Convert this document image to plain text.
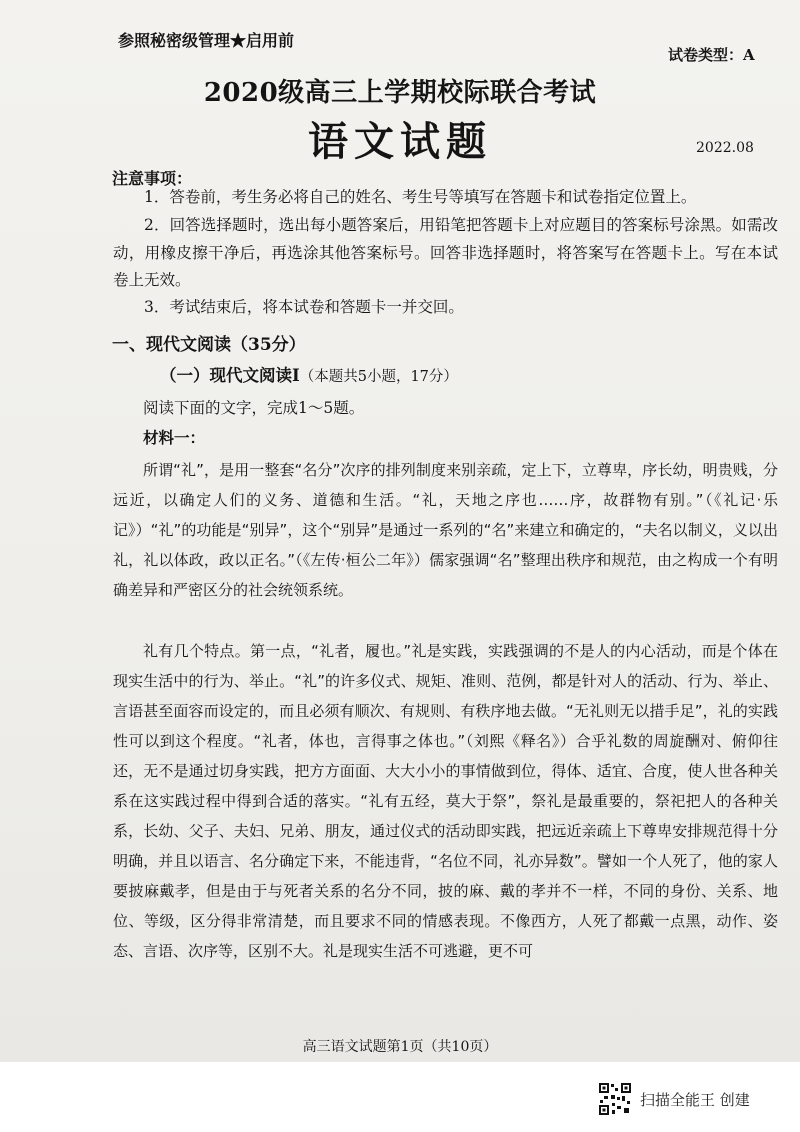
参照秘密级管理★启用前
试卷类型：A
2020级高三上学期校际联合考试
语文试题	2022.08
注意事项：
1．答卷前，考生务必将自己的姓名、考生号等填写在答题卡和试卷指定位置上。
2．回答选择题时，选出每小题答案后，用铅笔把答题卡上对应题目的答案标号涂黑。如需改动，用橡皮擦干净后，再选涂其他答案标号。回答非选择题时，将答案写在答题卡上。写在本试卷上无效。
3．考试结束后，将本试卷和答题卡一并交回。
一、现代文阅读（35分）
（一）现代文阅读Ⅰ（本题共5小题，17分）
阅读下面的文字，完成1～5题。
材料一：
所谓“礼”，是用一整套“名分”次序的排列制度来别亲疏，定上下，立尊卑，序长幼，明贵贱，分远近，以确定人们的义务、道德和生活。“礼，天地之序也……序，故群物有别。”（《礼记·乐记》）“礼”的功能是“别异”，这个“别异”是通过一系列的“名”来建立和确定的，“夫名以制义，义以出礼，礼以体政，政以正名。”（《左传·桓公二年》）儒家强调“名”整理出秩序和规范，由之构成一个有明确差异和严密区分的社会统领系统。
礼有几个特点。第一点，“礼者，履也。”礼是实践，实践强调的不是人的内心活动，而是个体在现实生活中的行为、举止。“礼”的许多仪式、规矩、准则、范例，都是针对人的活动、行为、举止、言语甚至面容而设定的，而且必须有顺次、有规则、有秩序地去做。“无礼则无以措手足”，礼的实践性可以到这个程度。“礼者，体也，言得事之体也。”（刘熙《释名》）合乎礼数的周旋酬对、俯仰往还，无不是通过切身实践，把方方面面、大大小小的事情做到位，得体、适宜、合度，使人世各种关系在这实践过程中得到合适的落实。“礼有五经，莫大于祭”，祭礼是最重要的，祭祀把人的各种关系，长幼、父子、夫妇、兄弟、朋友，通过仪式的活动即实践，把远近亲疏上下尊卑安排规范得十分明确，并且以语言、名分确定下来，不能违背，“名位不同，礼亦异数”。譬如一个人死了，他的家人要披麻戴孝，但是由于与死者关系的名分不同，披的麻、戴的孝并不一样，不同的身份、关系、地位、等级，区分得非常清楚，而且要求不同的情感表现。不像西方，人死了都戴一点黑，动作、姿态、言语、次序等，区别不大。礼是现实生活不可逃避，更不可
高三语文试题第1页（共10页）
扫描全能王 创建
